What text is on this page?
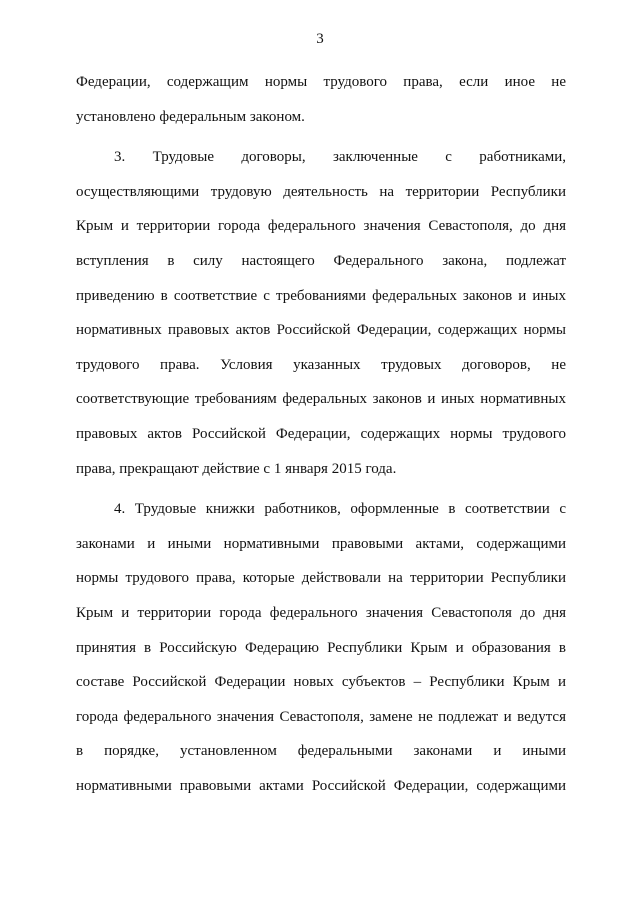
3
Федерации, содержащим нормы трудового права, если иное не
установлено федеральным законом.
3. Трудовые договоры, заключенные с работниками,
осуществляющими трудовую деятельность на территории Республики
Крым и территории города федерального значения Севастополя, до дня
вступления в силу настоящего Федерального закона, подлежат
приведению в соответствие с требованиями федеральных законов и иных
нормативных правовых актов Российской Федерации, содержащих нормы
трудового права. Условия указанных трудовых договоров, не
соответствующие требованиям федеральных законов и иных нормативных
правовых актов Российской Федерации, содержащих нормы трудового
права, прекращают действие с 1 января 2015 года.
4. Трудовые книжки работников, оформленные в соответствии с
законами и иными нормативными правовыми актами, содержащими
нормы трудового права, которые действовали на территории Республики
Крым и территории города федерального значения Севастополя до дня
принятия в Российскую Федерацию Республики Крым и образования в
составе Российской Федерации новых субъектов – Республики Крым и
города федерального значения Севастополя, замене не подлежат и ведутся
в порядке, установленном федеральными законами и иными
нормативными правовыми актами Российской Федерации, содержащими
